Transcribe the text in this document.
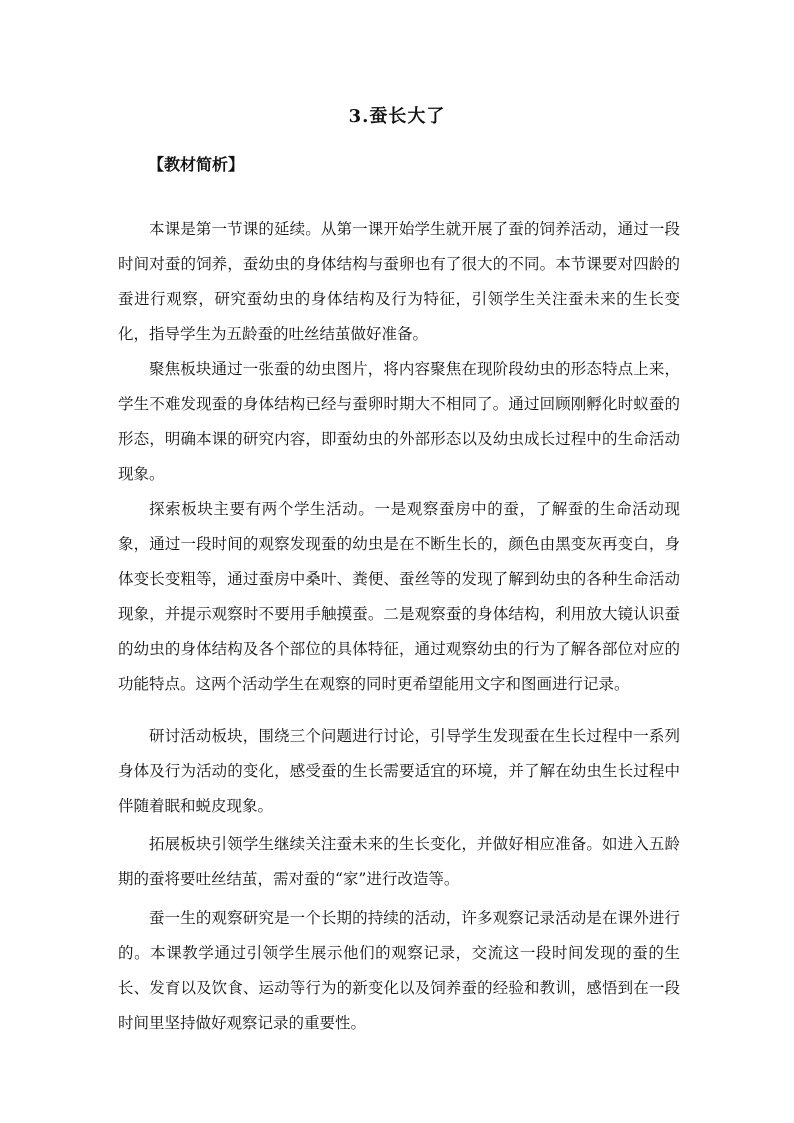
3.蚕长大了
【教材简析】

本课是第一节课的延续。从第一课开始学生就开展了蚕的饲养活动，通过一段时间对蚕的饲养，蚕幼虫的身体结构与蚕卵也有了很大的不同。本节课要对四龄的蚕进行观察，研究蚕幼虫的身体结构及行为特征，引领学生关注蚕未来的生长变化，指导学生为五龄蚕的吐丝结茧做好准备。

聚焦板块通过一张蚕的幼虫图片，将内容聚焦在现阶段幼虫的形态特点上来，学生不难发现蚕的身体结构已经与蚕卵时期大不相同了。通过回顾刚孵化时蚁蚕的形态，明确本课的研究内容，即蚕幼虫的外部形态以及幼虫成长过程中的生命活动现象。

探索板块主要有两个学生活动。一是观察蚕房中的蚕，了解蚕的生命活动现象，通过一段时间的观察发现蚕的幼虫是在不断生长的，颜色由黑变灰再变白，身体变长变粗等，通过蚕房中桑叶、粪便、蚕丝等的发现了解到幼虫的各种生命活动现象，并提示观察时不要用手触摸蚕。二是观察蚕的身体结构，利用放大镜认识蚕的幼虫的身体结构及各个部位的具体特征，通过观察幼虫的行为了解各部位对应的功能特点。这两个活动学生在观察的同时更希望能用文字和图画进行记录。

研讨活动板块，围绕三个问题进行讨论，引导学生发现蚕在生长过程中一系列身体及行为活动的变化，感受蚕的生长需要适宜的环境，并了解在幼虫生长过程中伴随着眠和蜕皮现象。

拓展板块引领学生继续关注蚕未来的生长变化，并做好相应准备。如进入五龄期的蚕将要吐丝结茧，需对蚕的“家”进行改造等。

蚕一生的观察研究是一个长期的持续的活动，许多观察记录活动是在课外进行的。本课教学通过引领学生展示他们的观察记录，交流这一段时间发现的蚕的生长、发育以及饮食、运动等行为的新变化以及饲养蚕的经验和教训，感悟到在一段时间里坚持做好观察记录的重要性。
